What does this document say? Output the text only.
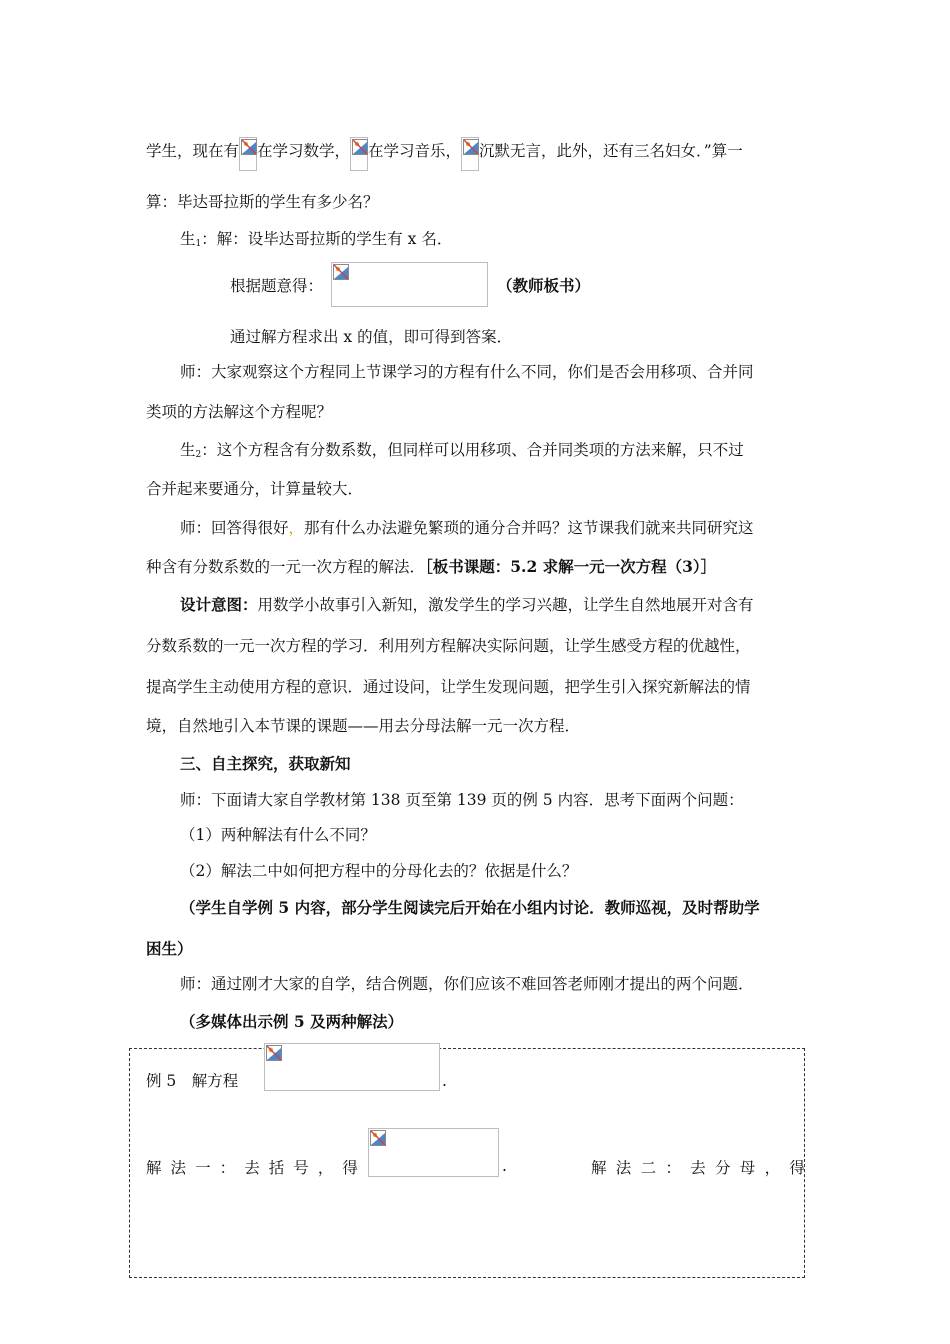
学生，现在有 在学习数学， 在学习音乐， 沉默无言，此外，还有三名妇女．”算一
算：毕达哥拉斯的学生有多少名？
生$_1$：解：设毕达哥拉斯的学生有 x 名．
根据题意得：	（教师板书）
通过解方程求出 x 的值，即可得到答案．
师：大家观察这个方程同上节课学习的方程有什么不同，你们是否会用移项、合并同
类项的方法解这个方程呢？
生$_2$：这个方程含有分数系数，但同样可以用移项、合并同类项的方法来解，只不过
合并起来要通分，计算量较大．
师：回答得很好，那有什么办法避免繁琐的通分合并吗？这节课我们就来共同研究这
种含有分数系数的一元一次方程的解法．［板书课题：5.2 求解一元一次方程（3）］
设计意图：用数学小故事引入新知，激发学生的学习兴趣，让学生自然地展开对含有
分数系数的一元一次方程的学习．利用列方程解决实际问题，让学生感受方程的优越性，
提高学生主动使用方程的意识．通过设问，让学生发现问题，把学生引入探究新解法的情
境，自然地引入本节课的课题——用去分母法解一元一次方程．
三、自主探究，获取新知
师：下面请大家自学教材第 138 页至第 139 页的例 5 内容．思考下面两个问题：
（1）两种解法有什么不同？
（2）解法二中如何把方程中的分母化去的？依据是什么？
（学生自学例 5 内容，部分学生阅读完后开始在小组内讨论．教师巡视，及时帮助学
困生）
师：通过刚才大家的自学，结合例题，你们应该不难回答老师刚才提出的两个问题．
（多媒体出示例 5 及两种解法）
例 5　解方程	.
解 法 一 ： 去 括 号 ， 得	.	解 法 二 ： 去 分 母 ， 得
